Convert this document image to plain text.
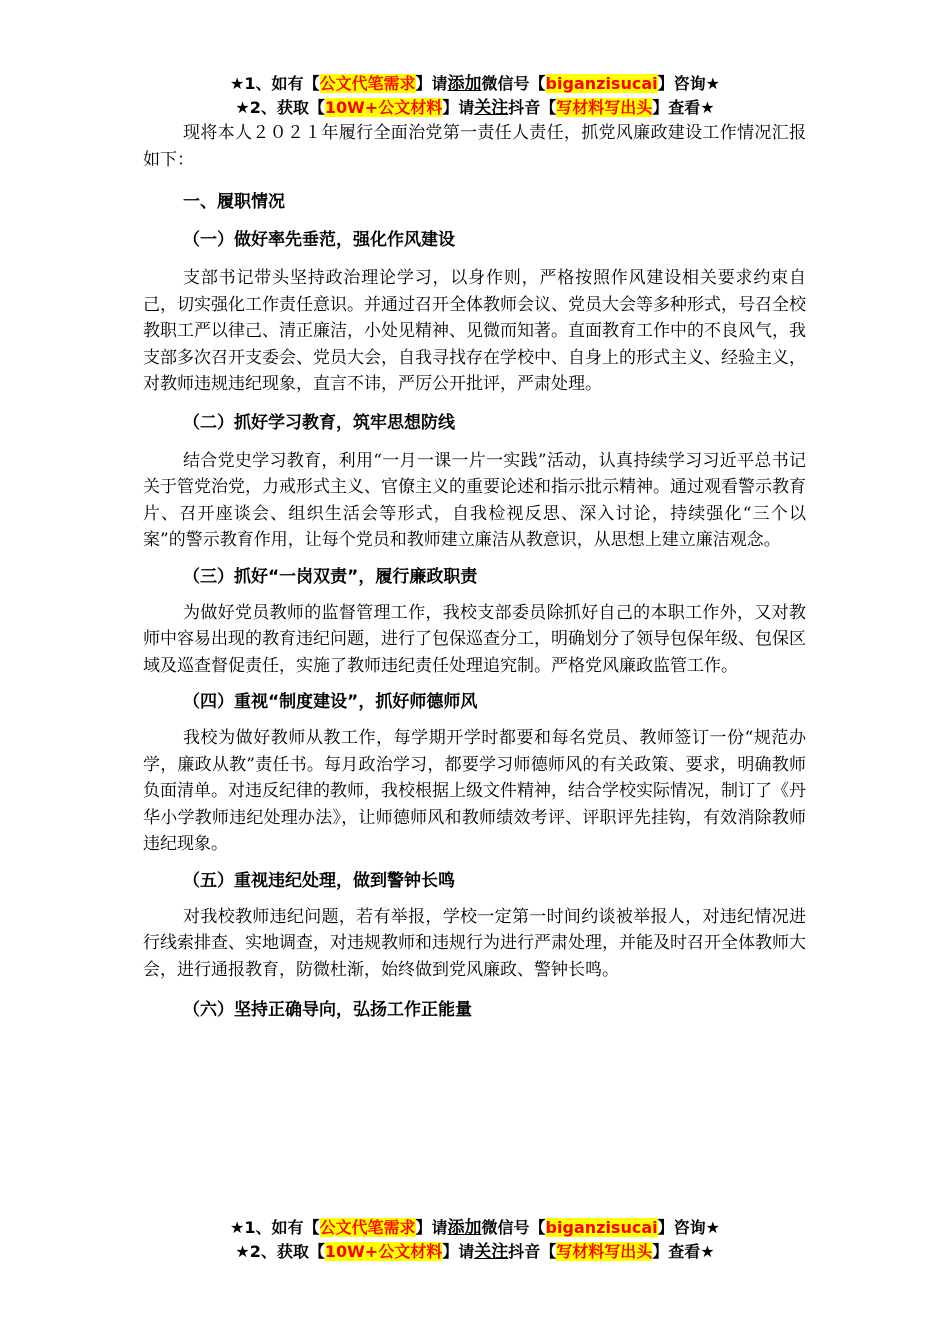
★1、如有【公文代笔需求】请添加微信号【biganzisucai】咨询★
★2、获取【10W+公文材料】请关注抖音【写材料写出头】查看★

现将本人２０２１年履行全面治党第一责任人责任，抓党风廉政建设工作情况汇报如下：

一、履职情况

（一）做好率先垂范，强化作风建设

支部书记带头坚持政治理论学习，以身作则，严格按照作风建设相关要求约束自己，切实强化工作责任意识。并通过召开全体教师会议、党员大会等多种形式，号召全校教职工严以律己、清正廉洁，小处见精神、见微而知著。直面教育工作中的不良风气，我支部多次召开支委会、党员大会，自我寻找存在学校中、自身上的形式主义、经验主义，对教师违规违纪现象，直言不讳，严厉公开批评，严肃处理。

（二）抓好学习教育，筑牢思想防线

结合党史学习教育，利用“一月一课一片一实践”活动，认真持续学习习近平总书记关于管党治党，力戒形式主义、官僚主义的重要论述和指示批示精神。通过观看警示教育片、召开座谈会、组织生活会等形式，自我检视反思、深入讨论，持续强化“三个以案”的警示教育作用，让每个党员和教师建立廉洁从教意识，从思想上建立廉洁观念。

（三）抓好“一岗双责”，履行廉政职责

为做好党员教师的监督管理工作，我校支部委员除抓好自己的本职工作外，又对教师中容易出现的教育违纪问题，进行了包保巡查分工，明确划分了领导包保年级、包保区域及巡查督促责任，实施了教师违纪责任处理追究制。严格党风廉政监管工作。

（四）重视“制度建设”，抓好师德师风

我校为做好教师从教工作，每学期开学时都要和每名党员、教师签订一份“规范办学，廉政从教”责任书。每月政治学习，都要学习师德师风的有关政策、要求，明确教师负面清单。对违反纪律的教师，我校根据上级文件精神，结合学校实际情况，制订了《丹华小学教师违纪处理办法》，让师德师风和教师绩效考评、评职评先挂钩，有效消除教师违纪现象。

（五）重视违纪处理，做到警钟长鸣

对我校教师违纪问题，若有举报，学校一定第一时间约谈被举报人，对违纪情况进行线索排查、实地调查，对违规教师和违规行为进行严肃处理，并能及时召开全体教师大会，进行通报教育，防微杜渐，始终做到党风廉政、警钟长鸣。

（六）坚持正确导向，弘扬工作正能量

★1、如有【公文代笔需求】请添加微信号【biganzisucai】咨询★
★2、获取【10W+公文材料】请关注抖音【写材料写出头】查看★
